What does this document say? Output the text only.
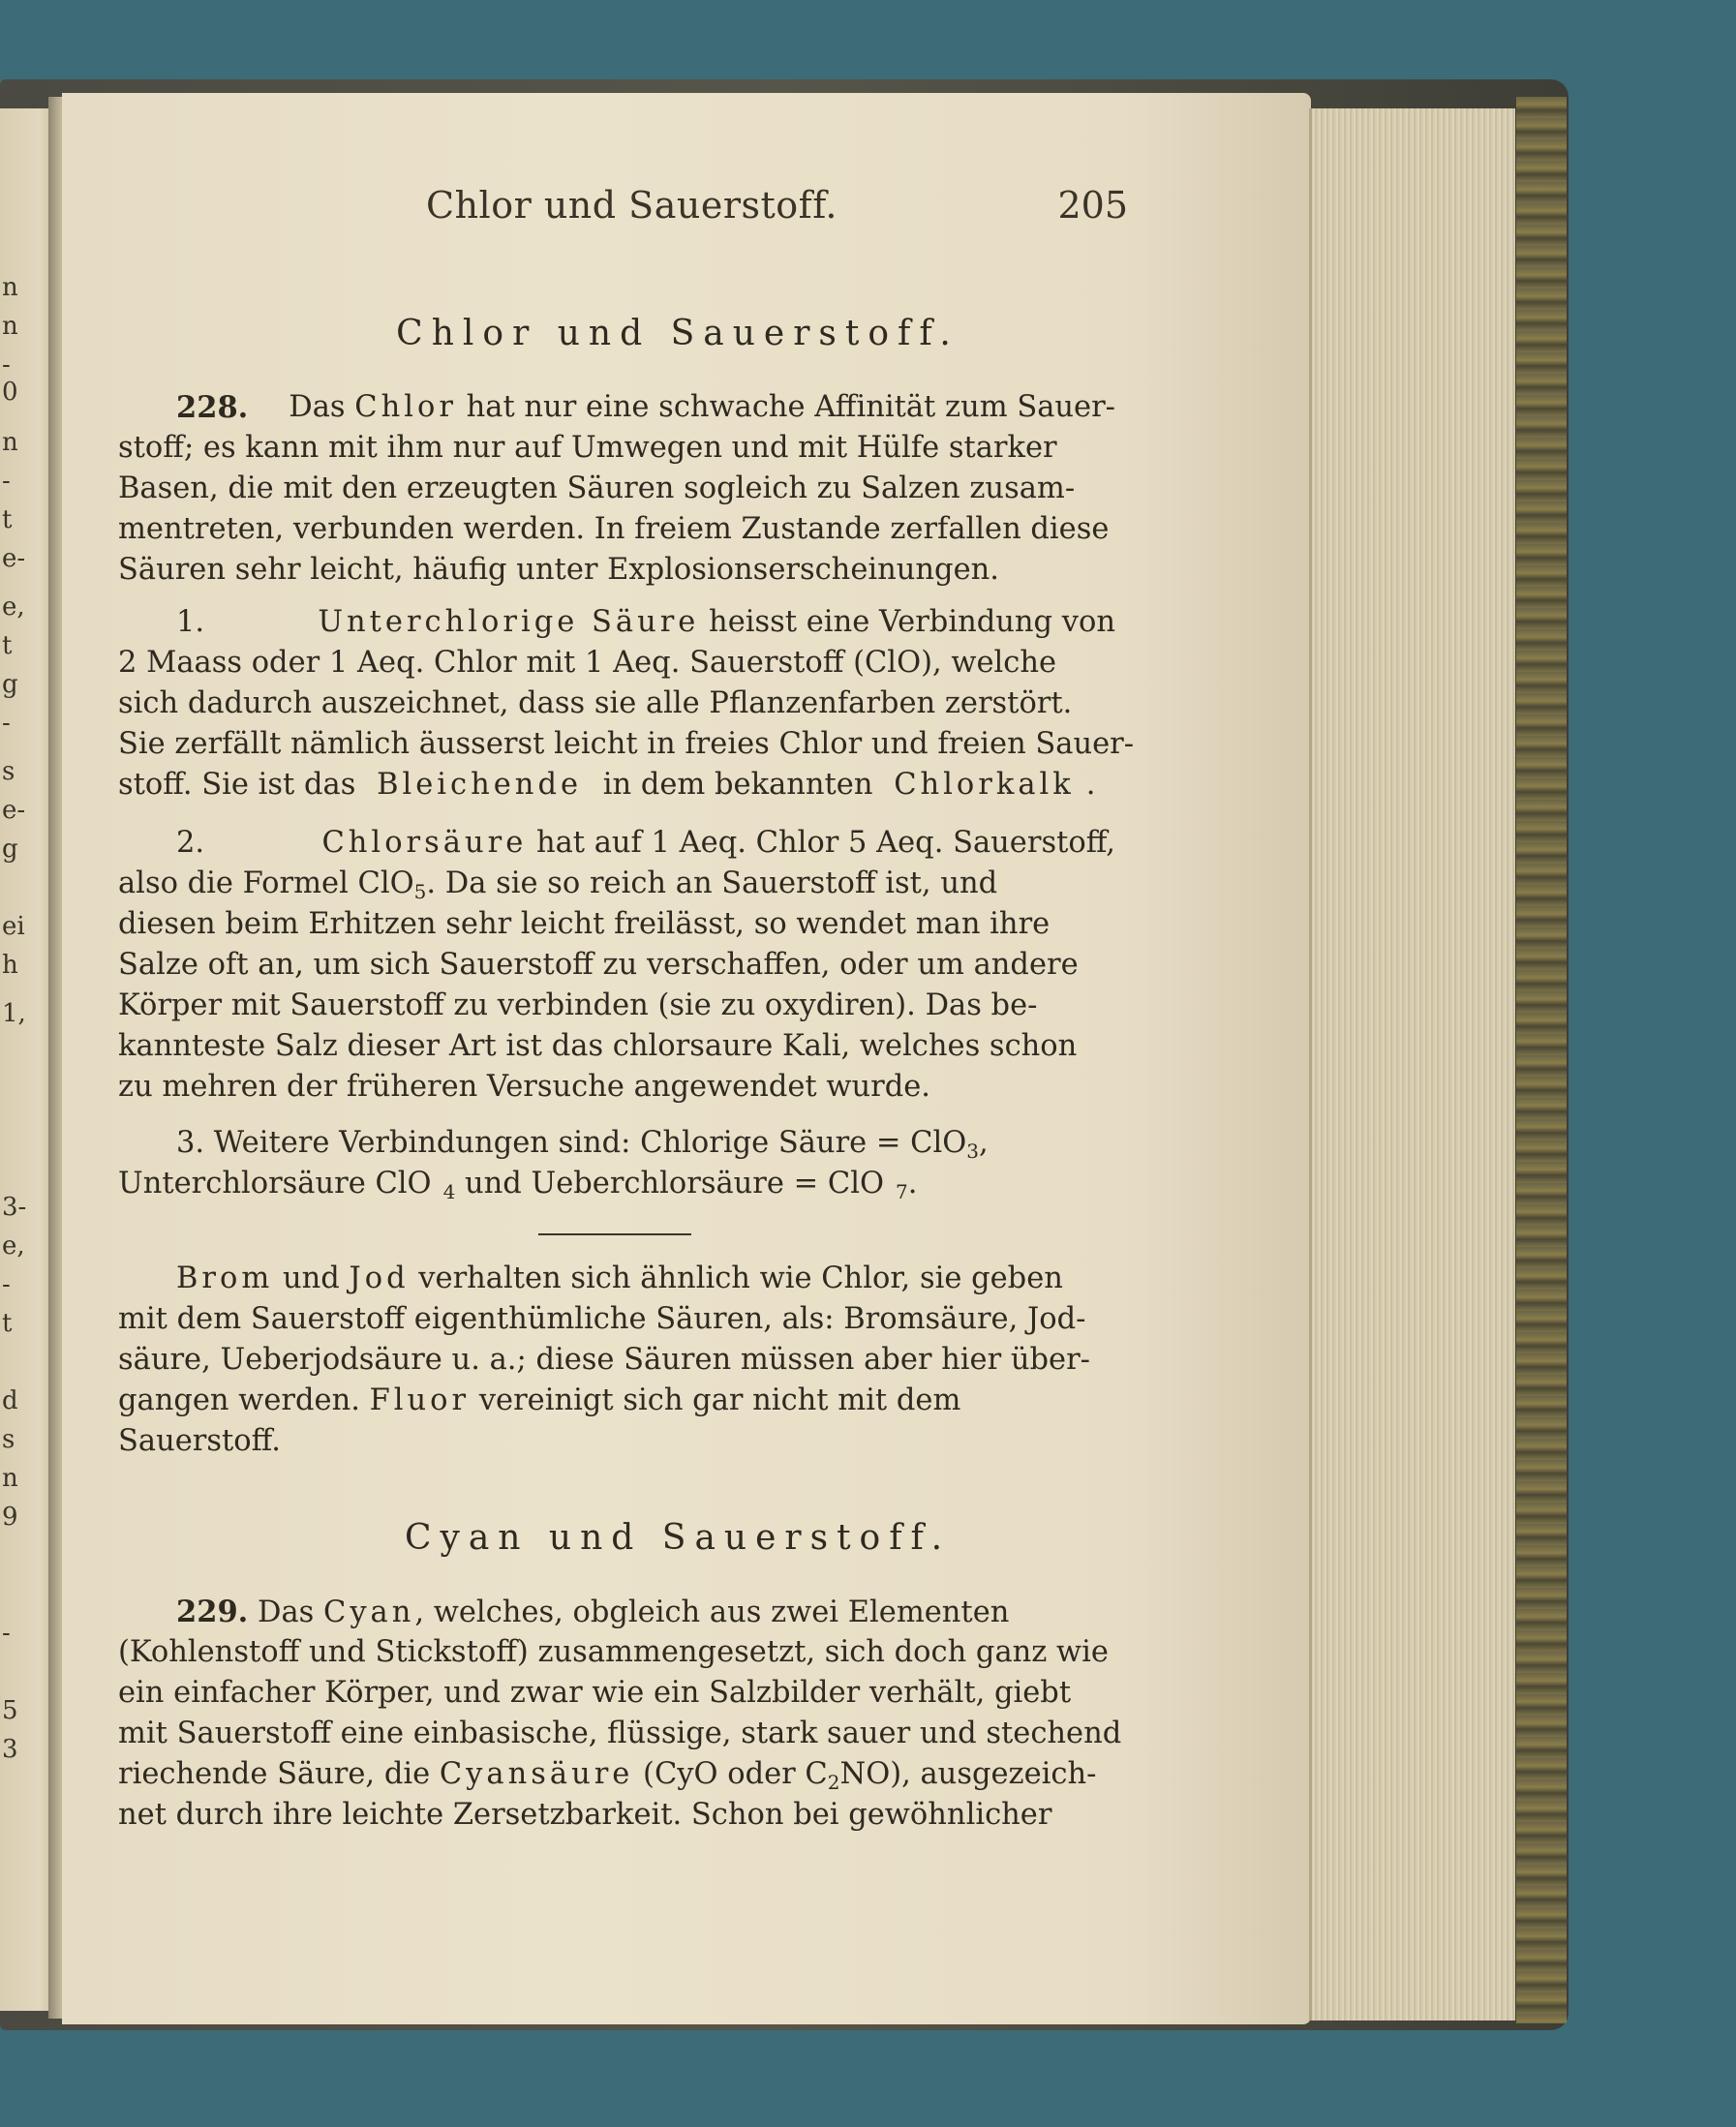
n
n
-
0
n
-
t
e-
e,
t
g
-
s
e-
g
ei
h
1,
3-
e,
-
t
d
s
n
9
-
5
3
Chlor und Sauerstoff.	205
Chlor und Sauerstoff.
228. Das Chlor hat nur eine schwache Affinität zum Sauer-
stoff; es kann mit ihm nur auf Umwegen und mit Hülfe starker
Basen, die mit den erzeugten Säuren sogleich zu Salzen zusam-
mentreten, verbunden werden. In freiem Zustande zerfallen diese
Säuren sehr leicht, häufig unter Explosionserscheinungen.
1.	Unterchlorige Säure heisst eine Verbindung von
2 Maass oder 1 Aeq. Chlor mit 1 Aeq. Sauerstoff (ClO), welche
sich dadurch auszeichnet, dass sie alle Pflanzenfarben zerstört.
Sie zerfällt nämlich äusserst leicht in freies Chlor und freien Sauer-
stoff. Sie ist das Bleichende in dem bekannten Chlorkalk .
2.	Chlorsäure hat auf 1 Aeq. Chlor 5 Aeq. Sauerstoff,
also die Formel ClO$_5$. Da sie so reich an Sauerstoff ist, und
diesen beim Erhitzen sehr leicht freilässt, so wendet man ihre
Salze oft an, um sich Sauerstoff zu verschaffen, oder um andere
Körper mit Sauerstoff zu verbinden (sie zu oxydiren). Das be-
kannteste Salz dieser Art ist das chlorsaure Kali, welches schon
zu mehren der früheren Versuche angewendet wurde.
3. Weitere Verbindungen sind: Chlorige Säure = ClO$_3$,
Unterchlorsäure ClO $_4$ und Ueberchlorsäure = ClO $_7$.
Brom und Jod verhalten sich ähnlich wie Chlor, sie geben
mit dem Sauerstoff eigenthümliche Säuren, als: Bromsäure, Jod-
säure, Ueberjodsäure u. a.; diese Säuren müssen aber hier über-
gangen werden. Fluor vereinigt sich gar nicht mit dem
Sauerstoff.
Cyan und Sauerstoff.
229. Das Cyan, welches, obgleich aus zwei Elementen
(Kohlenstoff und Stickstoff) zusammengesetzt, sich doch ganz wie
ein einfacher Körper, und zwar wie ein Salzbilder verhält, giebt
mit Sauerstoff eine einbasische, flüssige, stark sauer und stechend
riechende Säure, die Cyansäure (CyO oder $C_2NO$), ausgezeich-
net durch ihre leichte Zersetzbarkeit. Schon bei gewöhnlicher
